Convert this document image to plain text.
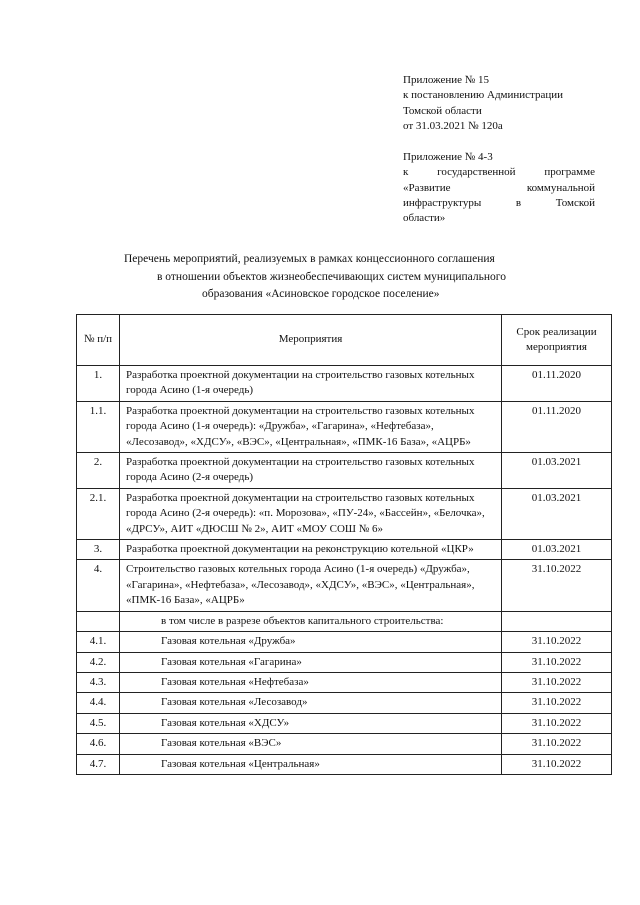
Приложение № 15
к постановлению Администрации
Томской области
от 31.03.2021 № 120а
Приложение № 4-3
к	государственной	программе
«Развитие	коммунальной
инфраструктуры	в	Томской
области»
Перечень мероприятий, реализуемых в рамках концессионного соглашения
в отношении объектов жизнеобеспечивающих систем муниципального
образования «Асиновское городское поселение»
№ п/п	Мероприятия	Срок реализации мероприятия
1.	Разработка проектной документации на строительство газовых котельных города Асино (1-я очередь)	01.11.2020
1.1.	Разработка проектной документации на строительство газовых котельных города Асино (1-я очередь): «Дружба», «Гагарина», «Нефтебаза», «Лесозавод», «ХДСУ», «ВЭС», «Центральная», «ПМК-16 База», «АЦРБ»	01.11.2020
2.	Разработка проектной документации на строительство газовых котельных города Асино (2-я очередь)	01.03.2021
2.1.	Разработка проектной документации на строительство газовых котельных города Асино (2-я очередь): «п. Морозова», «ПУ-24», «Бассейн», «Белочка», «ДРСУ», АИТ «ДЮСШ № 2», АИТ «МОУ СОШ № 6»	01.03.2021
3.	Разработка проектной документации на реконструкцию котельной «ЦКР»	01.03.2021
4.	Строительство газовых котельных города Асино (1-я очередь) «Дружба», «Гагарина», «Нефтебаза», «Лесозавод», «ХДСУ», «ВЭС», «Центральная», «ПМК-16 База», «АЦРБ»	31.10.2022
	в том числе в разрезе объектов капитального строительства:	
4.1.	Газовая котельная «Дружба»	31.10.2022
4.2.	Газовая котельная «Гагарина»	31.10.2022
4.3.	Газовая котельная «Нефтебаза»	31.10.2022
4.4.	Газовая котельная «Лесозавод»	31.10.2022
4.5.	Газовая котельная «ХДСУ»	31.10.2022
4.6.	Газовая котельная «ВЭС»	31.10.2022
4.7.	Газовая котельная «Центральная»	31.10.2022
